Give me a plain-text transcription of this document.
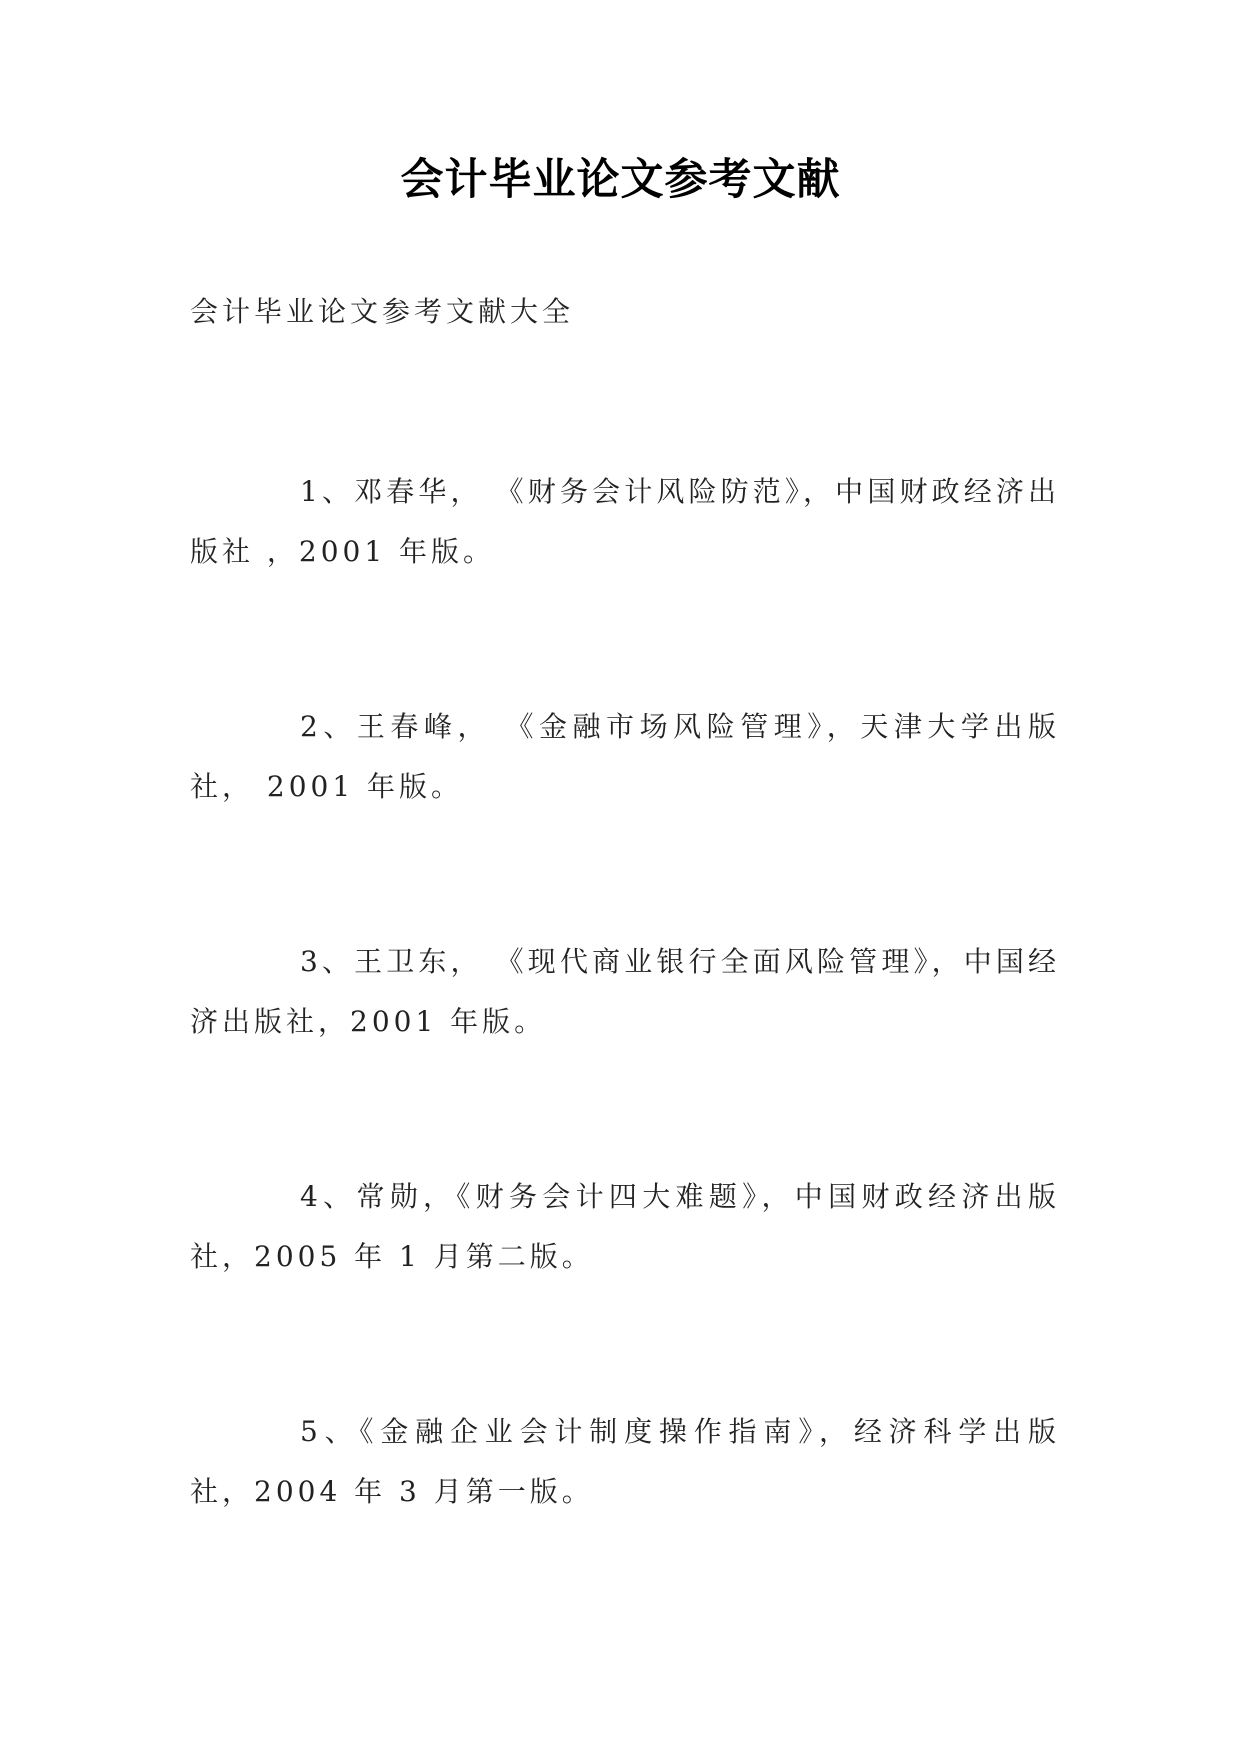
会计毕业论文参考文献

会计毕业论文参考文献大全

1、邓春华， 《财务会计风险防范》，中国财政经济出版社 ，2001 年版。
2、王春峰， 《金融市场风险管理》，天津大学出版社， 2001 年版。
3、王卫东， 《现代商业银行全面风险管理》，中国经济出版社，2001 年版。
4、常勋，《财务会计四大难题》，中国财政经济出版社，2005 年 1 月第二版。
5、《金融企业会计制度操作指南》，经济科学出版社，2004 年 3 月第一版。
